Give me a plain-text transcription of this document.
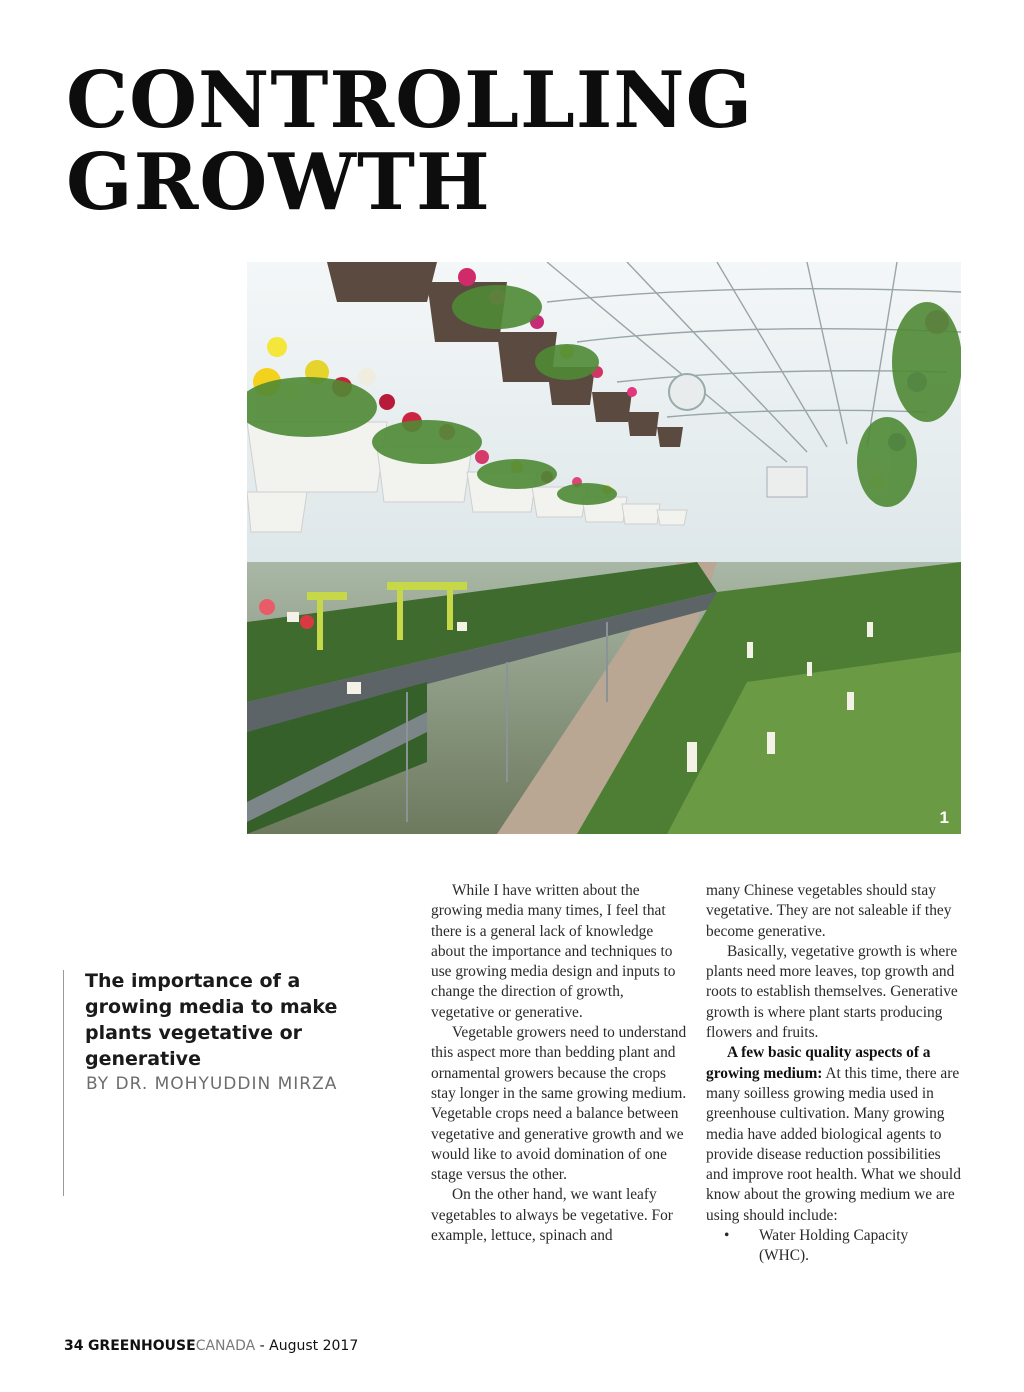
CONTROLLING
GROWTH
1

The importance of a growing media to make plants vegetative or generative

BY DR. MOHYUDDIN MIRZA

While I have written about the growing media many times, I feel that there is a general lack of knowledge about the importance and techniques to use growing media design and inputs to change the direction of growth, vegetative or generative.

Vegetable growers need to understand this aspect more than bedding plant and ornamental growers because the crops stay longer in the same growing medium. Vegetable crops need a balance between vegetative and generative growth and we would like to avoid domination of one stage versus the other.

On the other hand, we want leafy vegetables to always be vegetative. For example, lettuce, spinach and

many Chinese vegetables should stay vegetative. They are not saleable if they become generative.

Basically, vegetative growth is where plants need more leaves, top growth and roots to establish themselves. Generative growth is where plant starts producing flowers and fruits.

A few basic quality aspects of a growing medium: At this time, there are many soilless growing media used in greenhouse cultivation. Many growing media have added biological agents to provide disease reduction possibilities and improve root health. What we should know about the growing medium we are using should include:

•	Water Holding Capacity (WHC).
34 GREENHOUSECANADA - August 2017
